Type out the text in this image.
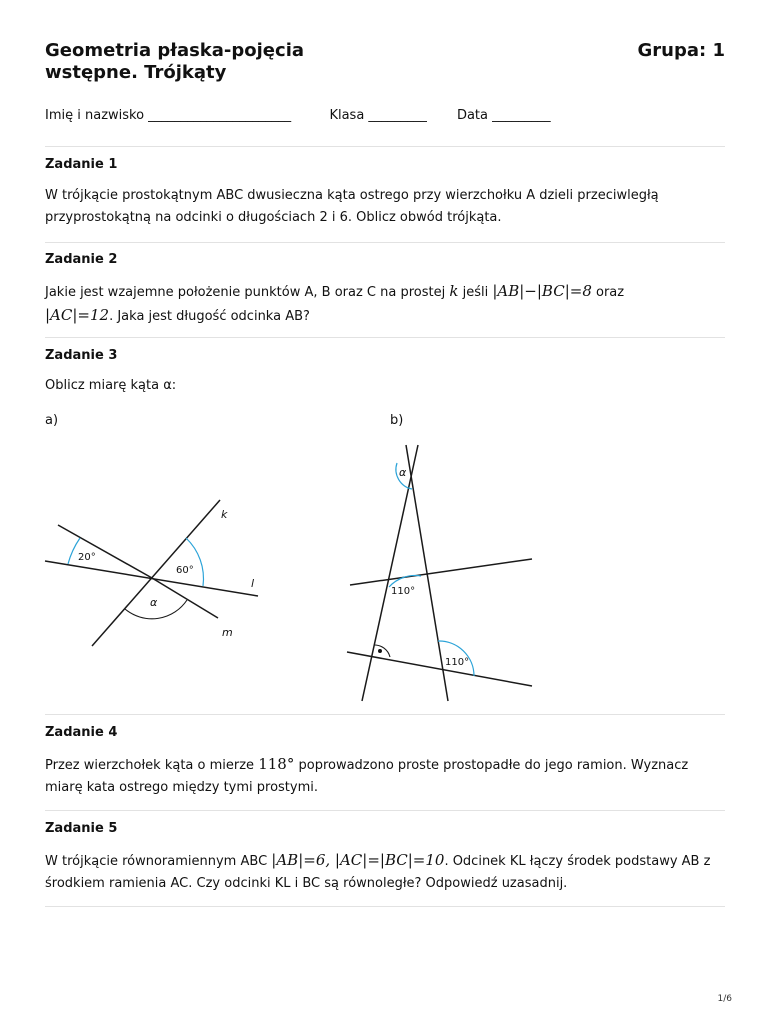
Geometria płaska-pojęcia
wstępne. Trójkąty
Grupa: 1
Imię i nazwisko ______________________	Klasa _________ Data _________
Zadanie 1
W trójkącie prostokątnym ABC dwusieczna kąta ostrego przy wierzchołku A dzieli przeciwległą przyprostokątną na odcinki o długościach 2 i 6. Oblicz obwód trójkąta.
Zadanie 2
Jakie jest wzajemne położenie punktów A, B oraz C na prostej k jeśli |AB|−|BC|=8 oraz
|AC|=12. Jaka jest długość odcinka AB?
Zadanie 3
Oblicz miarę kąta α:
a)	b)
20°
60°
α
k
l
m
α
110°
110°
Zadanie 4
Przez wierzchołek kąta o mierze 118° poprowadzono proste prostopadłe do jego ramion. Wyznacz miarę kata ostrego między tymi prostymi.
Zadanie 5
W trójkącie równoramiennym ABC |AB|=6, |AC|=|BC|=10. Odcinek KL łączy środek podstawy AB z środkiem ramienia AC. Czy odcinki KL i BC są równoległe? Odpowiedź uzasadnij.
1/6
